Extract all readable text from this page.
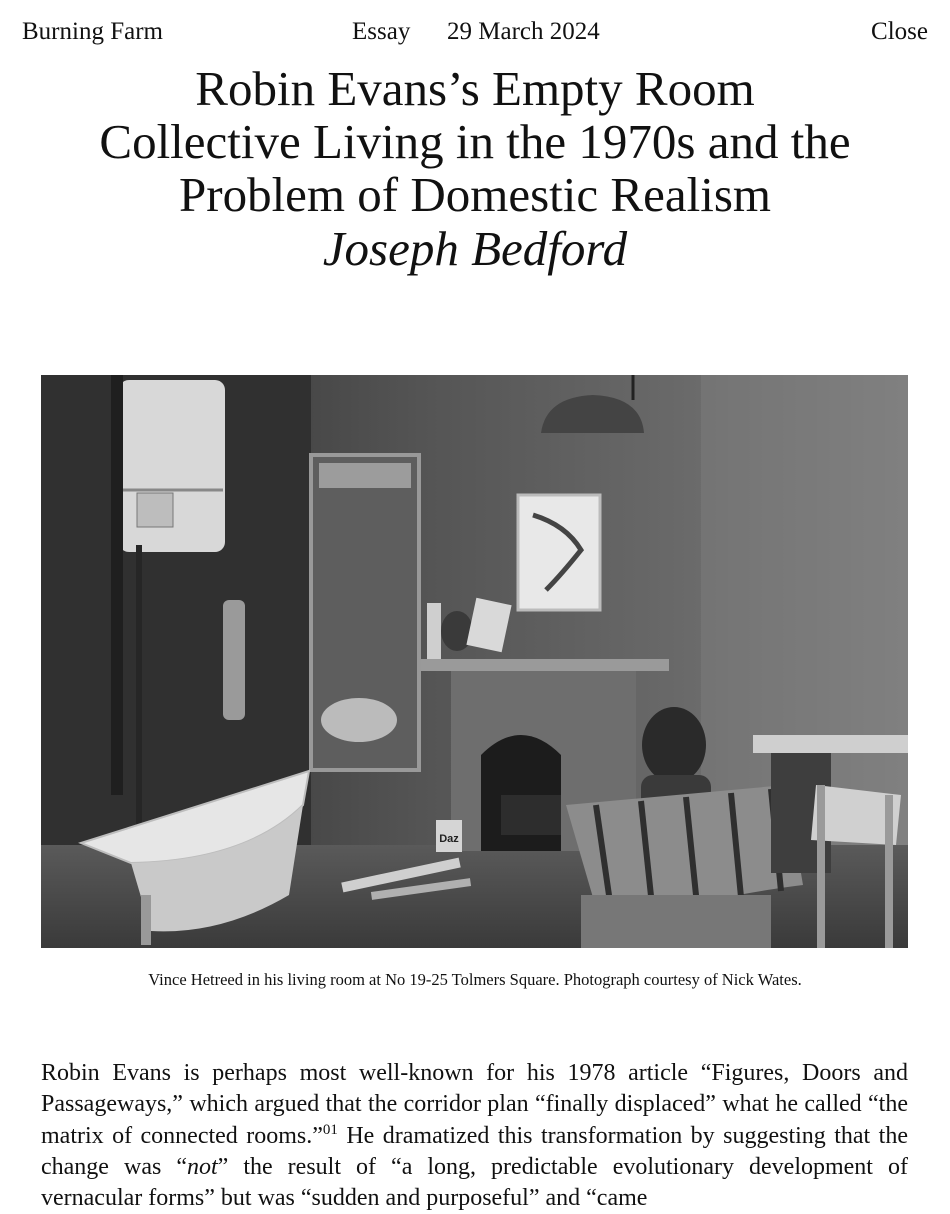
Burning Farm	Essay 29 March 2024	Close
Robin Evans’s Empty Room
Collective Living in the 1970s and the
Problem of Domestic Realism
Joseph Bedford
Daz
Vince Hetreed in his living room at No 19-25 Tolmers Square. Photograph courtesy of Nick Wates.

Robin Evans is perhaps most well-known for his 1978 article “Figures, Doors and Passageways,” which argued that the corridor plan “finally displaced” what he called “the matrix of connected rooms.”$^{01}$ He dramatized this transformation by suggesting that the change was “not” the result of “a long, predictable evolutionary development of vernacular forms” but was “sudden and purposeful” and “came
